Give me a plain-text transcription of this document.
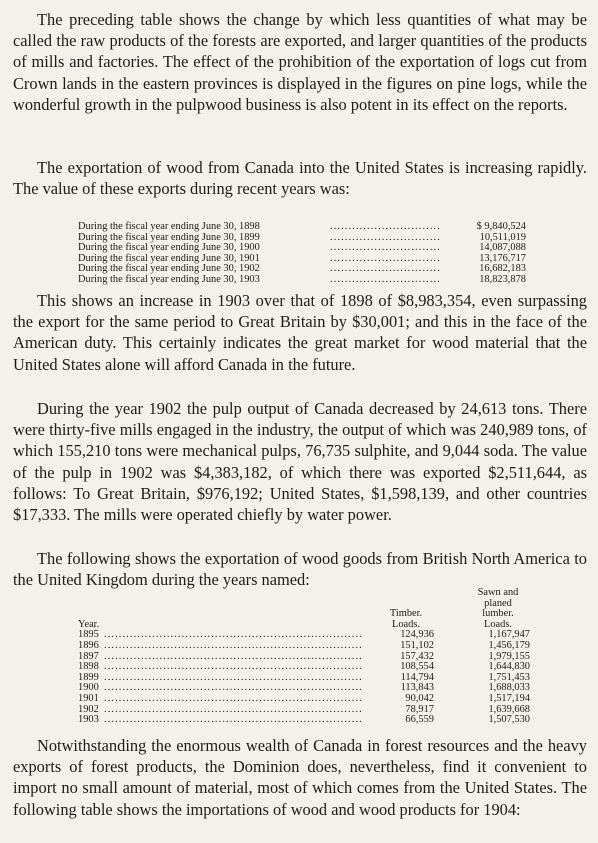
The preceding table shows the change by which less quantities of what may be called the raw products of the forests are exported, and larger quantities of the products of mills and factories. The effect of the prohibition of the exportation of logs cut from Crown lands in the eastern provinces is displayed in the figures on pine logs, while the wonderful growth in the pulpwood business is also potent in its effect on the reports.

The exportation of wood from Canada into the United States is increasing rapidly. The value of these exports during recent years was:

During the fiscal year ending June 30, 1898	..............................	$ 9,840,524
During the fiscal year ending June 30, 1899	..............................	10,511,019
During the fiscal year ending June 30, 1900	..............................	14,087,088
During the fiscal year ending June 30, 1901	..............................	13,176,717
During the fiscal year ending June 30, 1902	..............................	16,682,183
During the fiscal year ending June 30, 1903	..............................	18,823,878

This shows an increase in 1903 over that of 1898 of $8,983,354, even surpassing the export for the same period to Great Britain by $30,001; and this in the face of the American duty. This certainly indicates the great market for wood material that the United States alone will afford Canada in the future.

During the year 1902 the pulp output of Canada decreased by 24,613 tons. There were thirty-five mills engaged in the industry, the output of which was 240,989 tons, of which 155,210 tons were mechanical pulps, 76,735 sulphite, and 9,044 soda. The value of the pulp in 1902 was $4,383,182, of which there was exported $2,511,644, as follows: To Great Britain, $976,192; United States, $1,598,139, and other countries $17,333. The mills were operated chiefly by water power.

The following shows the exportation of wood goods from British North America to the United Kingdom during the years named:

Sawn and
planed
Timber.	lumber.
Year.	Loads.	Loads.
1895 ......................................................................	124,936	1,167,947
1896 ......................................................................	151,102	1,456,179
1897 ......................................................................	157,432	1,979,155
1898 ......................................................................	108,554	1,644,830
1899 ......................................................................	114,794	1,751,453
1900 ......................................................................	113,843	1,688,033
1901 ......................................................................	90,042	1,517,194
1902 ......................................................................	78,917	1,639,668
1903 ......................................................................	66,559	1,507,530

Notwithstanding the enormous wealth of Canada in forest resources and the heavy exports of forest products, the Dominion does, nevertheless, find it convenient to import no small amount of material, most of which comes from the United States. The following table shows the importations of wood and wood products for 1904:
